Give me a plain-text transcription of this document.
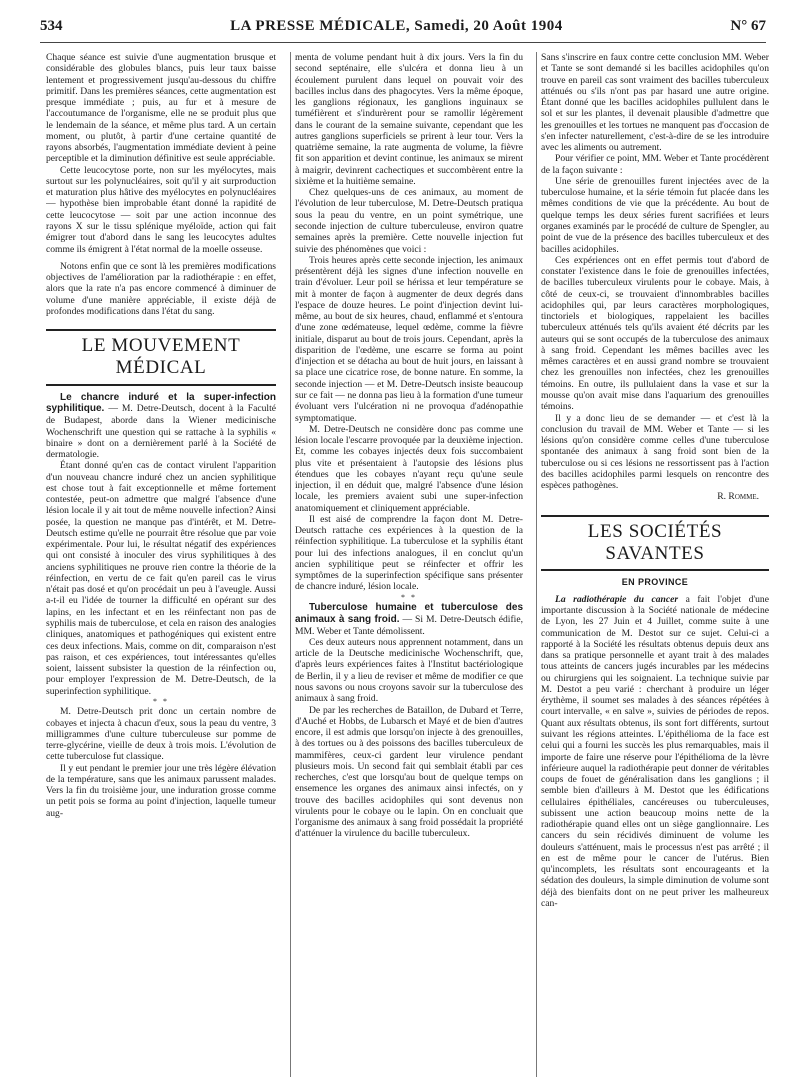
534	LA PRESSE MÉDICALE, Samedi, 20 Août 1904	N° 67

Chaque séance est suivie d'une augmentation brusque et considérable des globules blancs, puis leur taux baisse lentement et progressivement jusqu'au-dessous du chiffre primitif. Dans les premières séances, cette augmentation est presque immédiate ; puis, au fur et à mesure de l'accoutumance de l'organisme, elle ne se produit plus que le lendemain de la séance, et même plus tard. A un certain moment, ou plutôt, à partir d'une certaine quantité de rayons absorbés, l'augmentation immédiate devient à peine perceptible et la diminution définitive est seule appréciable.

Cette leucocytose porte, non sur les myélocytes, mais surtout sur les polynucléaires, soit qu'il y ait surproduction et maturation plus hâtive des myélocytes en polynucléaires — hypothèse bien improbable étant donné la rapidité de cette leucocytose — soit par une action inconnue des rayons X sur le tissu splénique myéloïde, action qui fait émigrer tout d'abord dans le sang les leucocytes adultes comme ils émigrent à l'état normal de la moelle osseuse.

Notons enfin que ce sont là les premières modifications objectives de l'amélioration par la radiothérapie : en effet, alors que la rate n'a pas encore commencé à diminuer de volume d'une manière appréciable, il existe déjà de profondes modifications dans l'état du sang.

LE MOUVEMENT MÉDICAL

Le chancre induré et la super-infection syphilitique. — M. Detre-Deutsch, docent à la Faculté de Budapest, aborde dans la Wiener medicinische Wochenschrift une question qui se rattache à la syphilis « binaire » dont on a dernièrement parlé à la Société de dermatologie.

Étant donné qu'en cas de contact virulent l'apparition d'un nouveau chancre induré chez un ancien syphilitique est chose tout à fait exceptionnelle et même fortement contestée, peut-on admettre que malgré l'absence d'une lésion locale il y ait tout de même nouvelle infection? Ainsi posée, la question ne manque pas d'intérêt, et M. Detre-Deutsch estime qu'elle ne pourrait être résolue que par voie expérimentale. Pour lui, le résultat négatif des expériences qui ont consisté à inoculer des virus syphilitiques à des anciens syphilitiques ne prouve rien contre la théorie de la réinfection, en vertu de ce fait qu'en pareil cas le virus n'était pas dosé et qu'on procédait un peu à l'aveugle. Aussi a-t-il eu l'idée de tourner la difficulté en opérant sur des lapins, en les infectant et en les réinfectant non pas de syphilis mais de tuberculose, et cela en raison des analogies cliniques, anatomiques et pathogéniques qui existent entre ces deux infections. Mais, comme on dit, comparaison n'est pas raison, et ces expériences, tout intéressantes qu'elles soient, laissent subsister la question de la réinfection ou, pour employer l'expression de M. Detre-Deutsch, de la superinfection syphilitique.

* *

M. Detre-Deutsch prit donc un certain nombre de cobayes et injecta à chacun d'eux, sous la peau du ventre, 3 milligrammes d'une culture tuberculeuse sur pomme de terre-glycérine, vieille de deux à trois mois. L'évolution de cette tuberculose fut classique.

Il y eut pendant le premier jour une très légère élévation de la température, sans que les animaux parussent malades. Vers la fin du troisième jour, une induration grosse comme un petit pois se forma au point d'injection, laquelle tumeur aug-

menta de volume pendant huit à dix jours. Vers la fin du second septénaire, elle s'ulcéra et donna lieu à un écoulement purulent dans lequel on pouvait voir des bacilles inclus dans des phagocytes. Vers la même époque, les ganglions régionaux, les ganglions inguinaux se tuméfièrent et s'indurèrent pour se ramollir légèrement dans le courant de la semaine suivante, cependant que les autres ganglions superficiels se prirent à leur tour. Vers la quatrième semaine, la rate augmenta de volume, la fièvre fit son apparition et devint continue, les animaux se mirent à maigrir, devinrent cachectiques et succombèrent entre la sixième et la huitième semaine.

Chez quelques-uns de ces animaux, au moment de l'évolution de leur tuberculose, M. Detre-Deutsch pratiqua sous la peau du ventre, en un point symétrique, une seconde injection de culture tuberculeuse, environ quatre semaines après la première. Cette nouvelle injection fut suivie des phénomènes que voici :

Trois heures après cette seconde injection, les animaux présentèrent déjà les signes d'une infection nouvelle en train d'évoluer. Leur poil se hérissa et leur température se mit à monter de façon à augmenter de deux degrés dans l'espace de douze heures. Le point d'injection devint lui-même, au bout de six heures, chaud, enflammé et s'entoura d'une zone œdémateuse, lequel œdème, comme la fièvre initiale, disparut au bout de trois jours. Cependant, après la disparition de l'œdème, une escarre se forma au point d'injection et se détacha au bout de huit jours, en laissant à sa place une cicatrice rose, de bonne nature. En somme, la seconde injection — et M. Detre-Deutsch insiste beaucoup sur ce fait — ne donna pas lieu à la formation d'une tumeur évoluant vers l'ulcération ni ne provoqua d'adénopathie symptomatique.

M. Detre-Deutsch ne considère donc pas comme une lésion locale l'escarre provoquée par la deuxième injection. Et, comme les cobayes injectés deux fois succombaient plus vite et présentaient à l'autopsie des lésions plus étendues que les cobayes n'ayant reçu qu'une seule injection, il en déduit que, malgré l'absence d'une lésion locale, les premiers avaient subi une super-infection anatomiquement et cliniquement appréciable.

Il est aisé de comprendre la façon dont M. Detre-Deutsch rattache ces expériences à la question de la réinfection syphilitique. La tuberculose et la syphilis étant pour lui des infections analogues, il en conclut qu'un ancien syphilitique peut se réinfecter et offrir les symptômes de la superinfection spécifique sans présenter de chancre induré, lésion locale.

* *

Tuberculose humaine et tuberculose des animaux à sang froid. — Si M. Detre-Deutsch édifie, MM. Weber et Tante démolissent.

Ces deux auteurs nous apprennent notamment, dans un article de la Deutsche medicinische Wochenschrift, que, d'après leurs expériences faites à l'Institut bactériologique de Berlin, il y a lieu de reviser et même de modifier ce que nous savons ou nous croyons savoir sur la tuberculose des animaux à sang froid.

De par les recherches de Bataillon, de Dubard et Terre, d'Auché et Hobbs, de Lubarsch et Mayé et de bien d'autres encore, il est admis que lorsqu'on injecte à des grenouilles, à des tortues ou à des poissons des bacilles tuberculeux de mammifères, ceux-ci gardent leur virulence pendant plusieurs mois. Un second fait qui semblait établi par ces recherches, c'est que lorsqu'au bout de quelque temps on ensemence les organes des animaux ainsi infectés, on y trouve des bacilles acidophiles qui sont devenus non virulents pour le cobaye ou le lapin. On en concluait que l'organisme des animaux à sang froid possédait la propriété d'atténuer la virulence du bacille tuberculeux.

Sans s'inscrire en faux contre cette conclusion MM. Weber et Tante se sont demandé si les bacilles acidophiles qu'on trouve en pareil cas sont vraiment des bacilles tuberculeux atténués ou s'ils n'ont pas par hasard une autre origine. Étant donné que les bacilles acidophiles pullulent dans le sol et sur les plantes, il devenait plausible d'admettre que les grenouilles et les tortues ne manquent pas d'occasion de s'en infecter naturellement, c'est-à-dire de se les introduire avec les aliments ou autrement.

Pour vérifier ce point, MM. Weber et Tante procédèrent de la façon suivante :

Une série de grenouilles furent injectées avec de la tuberculose humaine, et la série témoin fut placée dans les mêmes conditions de vie que la précédente. Au bout de quelque temps les deux séries furent sacrifiées et leurs organes examinés par le procédé de culture de Spengler, au point de vue de la présence des bacilles tuberculeux et des bacilles acidophiles.

Ces expériences ont en effet permis tout d'abord de constater l'existence dans le foie de grenouilles infectées, de bacilles tuberculeux virulents pour le cobaye. Mais, à côté de ceux-ci, se trouvaient d'innombrables bacilles acidophiles qui, par leurs caractères morphologiques, tinctoriels et biologiques, rappelaient les bacilles tuberculeux atténués tels qu'ils avaient été décrits par les auteurs qui se sont occupés de la tuberculose des animaux à sang froid. Cependant les mêmes bacilles avec les mêmes caractères et en aussi grand nombre se trouvaient chez les grenouilles non infectées, chez les grenouilles témoins. En outre, ils pullulaient dans la vase et sur la mousse qu'on avait mise dans l'aquarium des grenouilles témoins.

Il y a donc lieu de se demander — et c'est là la conclusion du travail de MM. Weber et Tante — si les lésions qu'on considère comme celles d'une tuberculose spontanée des animaux à sang froid sont bien de la tuberculose ou si ces lésions ne ressortissent pas à l'action des bacilles acidophiles parmi lesquels on rencontre des espèces pathogènes.

R. Romme.

LES SOCIÉTÉS SAVANTES
EN PROVINCE

La radiothérapie du cancer a fait l'objet d'une importante discussion à la Société nationale de médecine de Lyon, les 27 Juin et 4 Juillet, comme suite à une communication de M. Destot sur ce sujet. Celui-ci a rapporté à la Société les résultats obtenus depuis deux ans dans sa pratique personnelle et ayant trait à des malades tous atteints de cancers jugés incurables par les médecins ou chirurgiens qui les soignaient. La technique suivie par M. Destot a peu varié : cherchant à produire un léger érythème, il soumet ses malades à des séances répétées à court intervalle, « en salve », suivies de périodes de repos. Quant aux résultats obtenus, ils sont fort différents, surtout suivant les régions atteintes. L'épithélioma de la face est celui qui a fourni les succès les plus remarquables, mais il importe de faire une réserve pour l'épithélioma de la lèvre inférieure auquel la radiothérapie peut donner de véritables coups de fouet de généralisation dans les ganglions ; il semble bien d'ailleurs à M. Destot que les édifications cellulaires épithéliales, cancéreuses ou tuberculeuses, subissent une action beaucoup moins nette de la radiothérapie quand elles ont un siège ganglionnaire. Les cancers du sein récidivés diminuent de volume les douleurs s'atténuent, mais le processus n'est pas arrêté ; il en est de même pour le cancer de l'utérus. Bien qu'incomplets, les résultats sont encourageants et la sédation des douleurs, la simple diminution de volume sont déjà des bienfaits dont on ne peut priver les malheureux can-
